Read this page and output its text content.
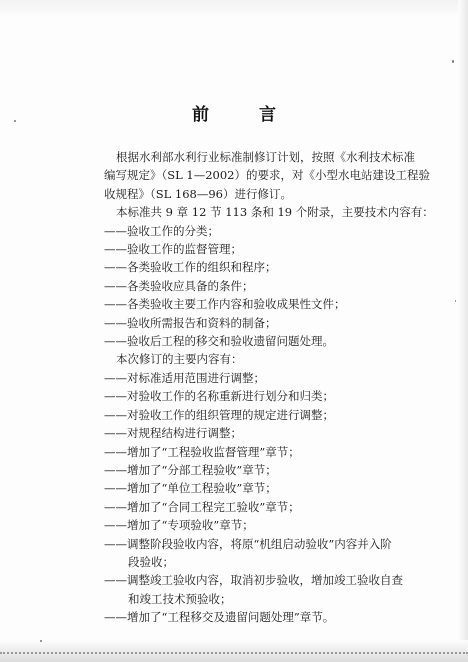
前 言

根据水利部水利行业标准制修订计划，按照《水利技术标准

编写规定》（SL 1—2002）的要求，对《小型水电站建设工程验

收规程》（SL 168—96）进行修订。

本标准共 9 章 12 节 113 条和 19 个附录，主要技术内容有：

——验收工作的分类；

——验收工作的监督管理；

——各类验收工作的组织和程序；

——各类验收应具备的条件；

——各类验收主要工作内容和验收成果性文件；

——验收所需报告和资料的制备；

——验收后工程的移交和验收遗留问题处理。

本次修订的主要内容有：

——对标准适用范围进行调整；

——对验收工作的名称重新进行划分和归类；

——对验收工作的组织管理的规定进行调整；

——对规程结构进行调整；

——增加了“工程验收监督管理”章节；

——增加了“分部工程验收”章节；

——增加了“单位工程验收”章节；

——增加了“合同工程完工验收”章节；

——增加了“专项验收”章节；

——调整阶段验收内容，将原“机组启动验收”内容并入阶

段验收；

——调整竣工验收内容，取消初步验收，增加竣工验收自查

和竣工技术预验收；

——增加了“工程移交及遗留问题处理”章节。
